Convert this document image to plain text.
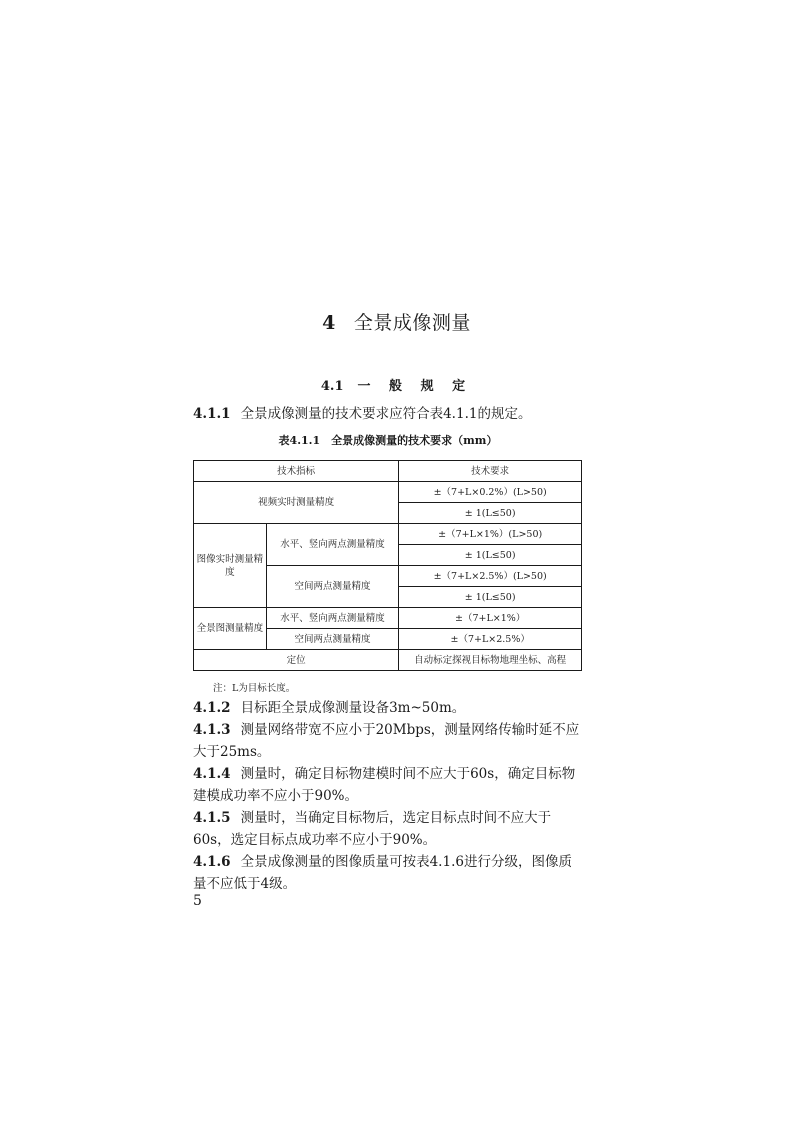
4 全景成像测量
4.1 一 般 规 定
4.1.1 全景成像测量的技术要求应符合表4.1.1的规定。
表4.1.1　全景成像测量的技术要求（mm）
技术指标		技术要求
视频实时测量精度		±（7+L×0.2%）(L>50)
		± 1(L≤50)
图像实时测量精度	水平、竖向两点测量精度	±（7+L×1%）(L>50)
		± 1(L≤50)
	空间两点测量精度	±（7+L×2.5%）(L>50)
		± 1(L≤50)
全景图测量精度	水平、竖向两点测量精度	±（7+L×1%）
	空间两点测量精度	±（7+L×2.5%）
定位		自动标定探视目标物地理坐标、高程
注：L为目标长度。
4.1.2 目标距全景成像测量设备3m~50m。
4.1.3 测量网络带宽不应小于20Mbps，测量网络传输时延不应大于25ms。
4.1.4 测量时，确定目标物建模时间不应大于60s，确定目标物建模成功率不应小于90%。
4.1.5 测量时，当确定目标物后，选定目标点时间不应大于60s，选定目标点成功率不应小于90%。
4.1.6 全景成像测量的图像质量可按表4.1.6进行分级，图像质量不应低于4级。
5
